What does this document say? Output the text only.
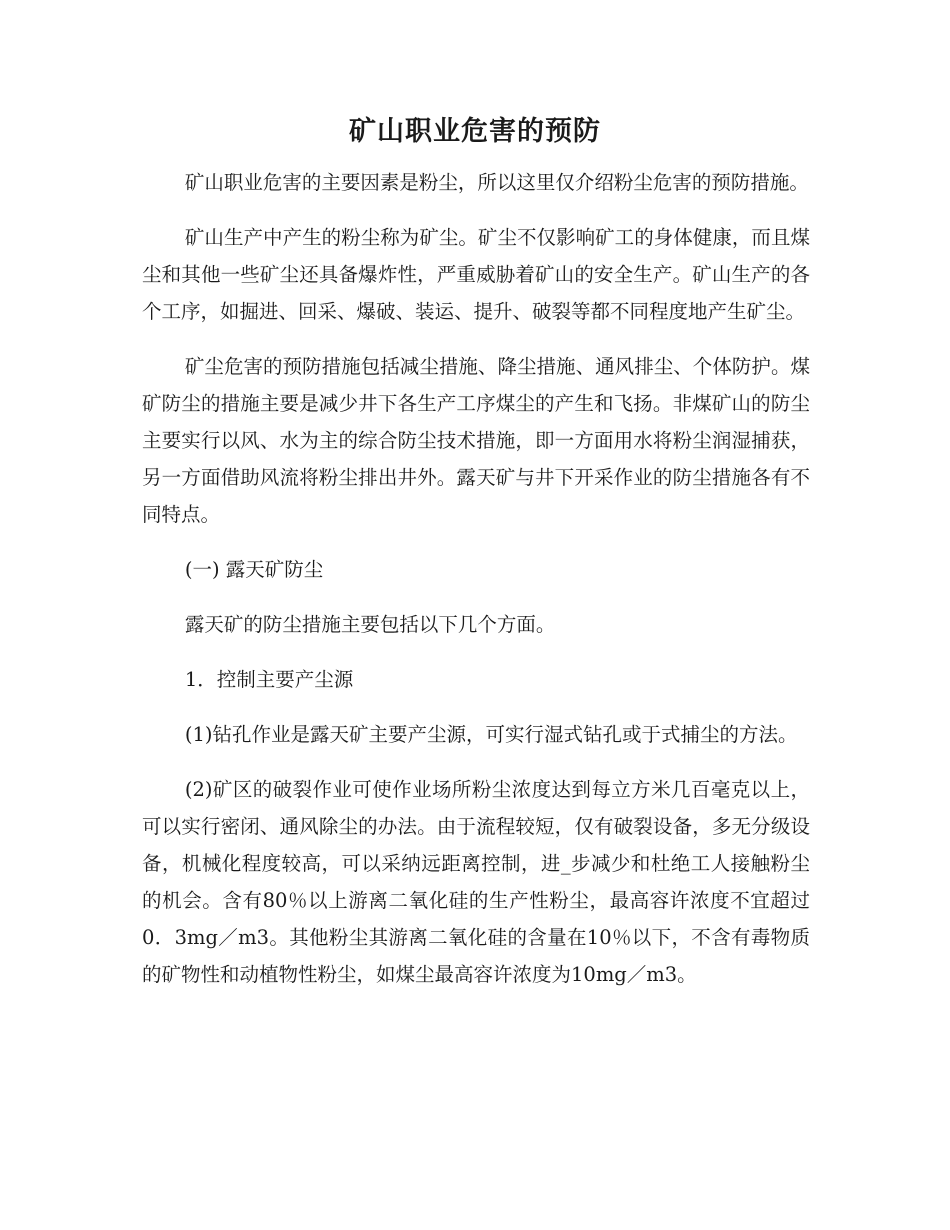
矿山职业危害的预防

矿山职业危害的主要因素是粉尘，所以这里仅介绍粉尘危害的预防措施。

矿山生产中产生的粉尘称为矿尘。矿尘不仅影响矿工的身体健康，而且煤尘和其他一些矿尘还具备爆炸性，严重威胁着矿山的安全生产。矿山生产的各个工序，如掘进、回采、爆破、装运、提升、破裂等都不同程度地产生矿尘。

矿尘危害的预防措施包括减尘措施、降尘措施、通风排尘、个体防护。煤矿防尘的措施主要是减少井下各生产工序煤尘的产生和飞扬。非煤矿山的防尘主要实行以风、水为主的综合防尘技术措施，即一方面用水将粉尘润湿捕获，另一方面借助风流将粉尘排出井外。露天矿与井下开采作业的防尘措施各有不同特点。

(一) 露天矿防尘

露天矿的防尘措施主要包括以下几个方面。

1．控制主要产尘源

(1)钻孔作业是露天矿主要产尘源，可实行湿式钻孔或于式捕尘的方法。

(2)矿区的破裂作业可使作业场所粉尘浓度达到每立方米几百毫克以上，可以实行密闭、通风除尘的办法。由于流程较短，仅有破裂设备，多无分级设备，机械化程度较高，可以采纳远距离控制，进_步减少和杜绝工人接触粉尘的机会。含有80％以上游离二氧化硅的生产性粉尘，最高容许浓度不宜超过0．3mg／m3。其他粉尘其游离二氧化硅的含量在10％以下，不含有毒物质的矿物性和动植物性粉尘，如煤尘最高容许浓度为10mg／m3。
